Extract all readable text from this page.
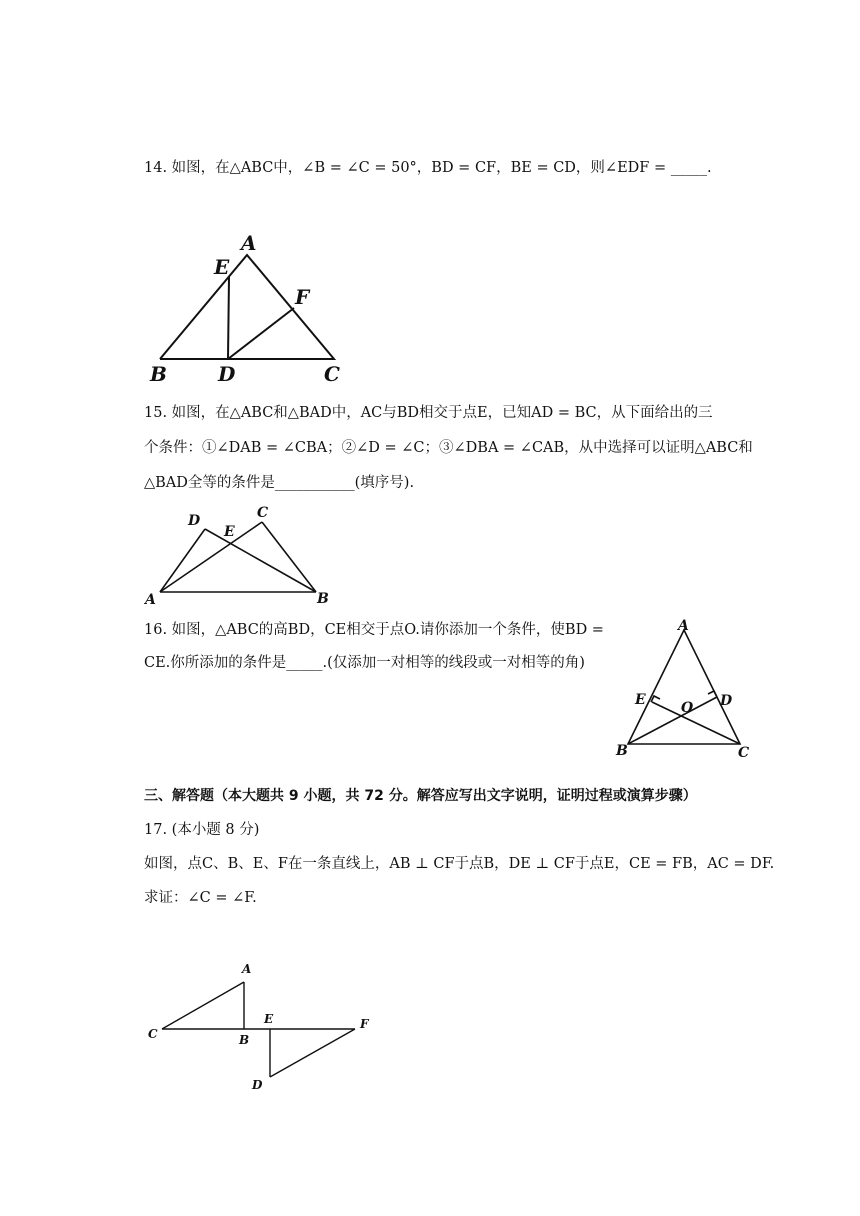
14. 如图，在△ABC中，∠B = ∠C = 50°，BD = CF，BE = CD，则∠EDF = _____.
A
E
F
B	D	C
15. 如图，在△ABC和△BAD中，AC与BD相交于点E，已知AD = BC，从下面给出的三
个条件：①∠DAB = ∠CBA；②∠D = ∠C；③∠DBA = ∠CAB，从中选择可以证明△ABC和
△BAD全等的条件是___________(填序号).
D
E
C
A	B
16. 如图，△ABC的高BD，CE相交于点O.请你添加一个条件，使BD =
CE.你所添加的条件是_____.(仅添加一对相等的线段或一对相等的角)
A
E	O D
B	C
三、解答题（本大题共 9 小题，共 72 分。解答应写出文字说明，证明过程或演算步骤）
17. (本小题 8 分)
如图，点C、B、E、F在一条直线上，AB ⊥ CF于点B，DE ⊥ CF于点E，CE = FB，AC = DF.
求证：∠C = ∠F.
A
C	B
E	F
D
